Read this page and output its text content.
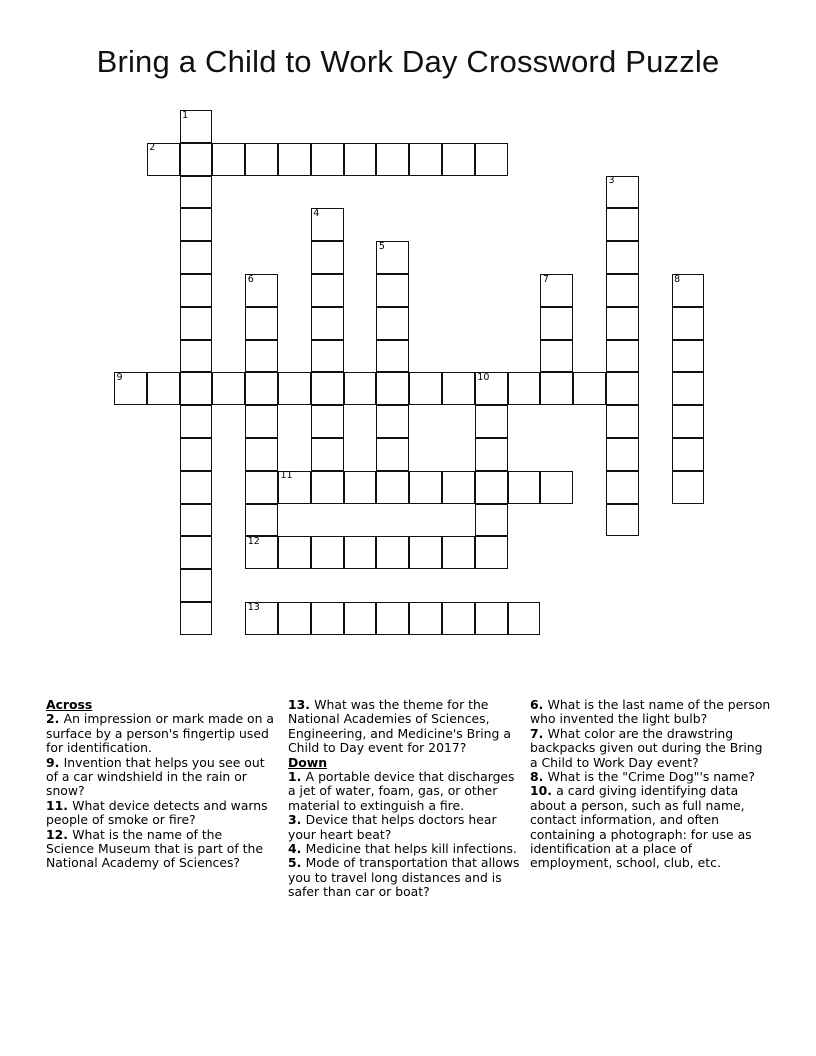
Bring a Child to Work Day Crossword Puzzle
1
2
3
4
5
6	7	8
9	10
11
12
13
Across
2. An impression or mark made on a surface by a person's fingertip used for identification.
9. Invention that helps you see out of a car windshield in the rain or snow?
11. What device detects and warns people of smoke or fire?
12. What is the name of the Science Museum that is part of the National Academy of Sciences?
13. What was the theme for the National Academies of Sciences, Engineering, and Medicine's Bring a Child to Day event for 2017?
Down
1. A portable device that discharges a jet of water, foam, gas, or other material to extinguish a fire.
3. Device that helps doctors hear your heart beat?
4. Medicine that helps kill infections.
5. Mode of transportation that allows you to travel long distances and is safer than car or boat?
6. What is the last name of the person who invented the light bulb?
7. What color are the drawstring backpacks given out during the Bring a Child to Work Day event?
8. What is the "Crime Dog"'s name?
10. a card giving identifying data about a person, such as full name, contact information, and often containing a photograph: for use as identification at a place of employment, school, club, etc.
